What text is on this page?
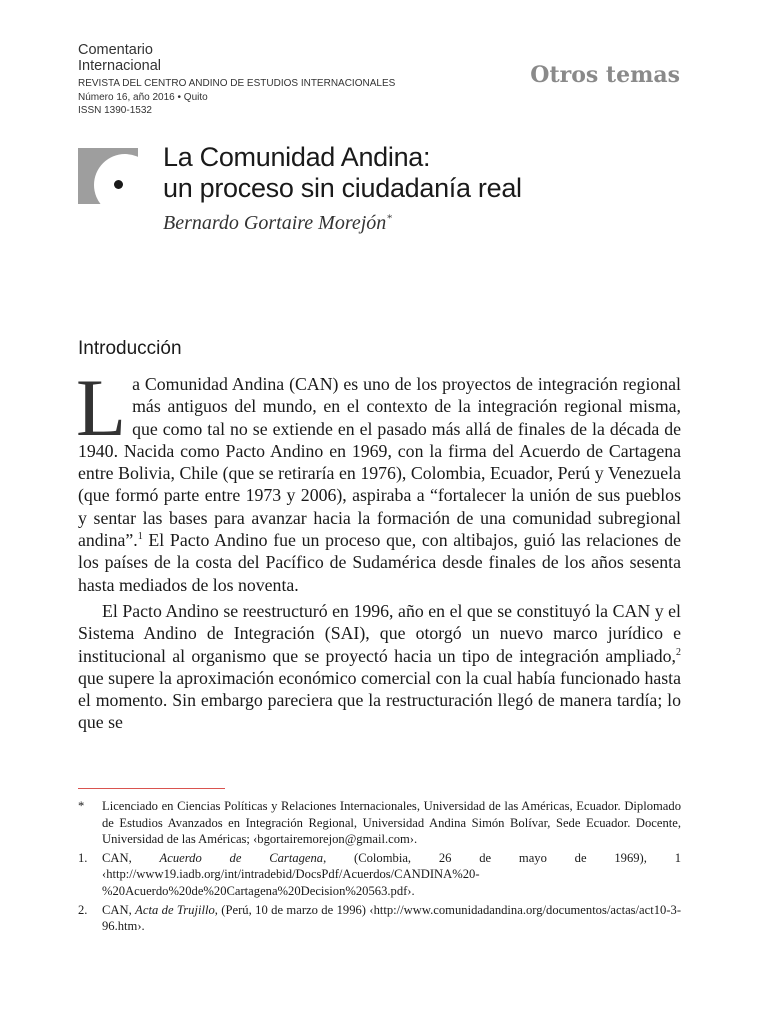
Comentario
Internacional
REVISTA DEL CENTRO ANDINO DE ESTUDIOS INTERNACIONALES
Número 16, año 2016 • Quito
ISSN 1390-1532
Otros temas
La Comunidad Andina:
un proceso sin ciudadanía real
Bernardo Gortaire Morejón*
Introducción

La Comunidad Andina (CAN) es uno de los proyectos de integración regional más antiguos del mundo, en el contexto de la integración regional misma, que como tal no se extiende en el pasado más allá de finales de la década de 1940. Nacida como Pacto Andino en 1969, con la firma del Acuerdo de Cartagena entre Bolivia, Chile (que se retiraría en 1976), Colombia, Ecuador, Perú y Venezuela (que formó parte entre 1973 y 2006), aspiraba a “fortalecer la unión de sus pueblos y sentar las bases para avanzar hacia la formación de una comunidad subregional andina”.$^1$ El Pacto Andino fue un proceso que, con altibajos, guió las relaciones de los países de la costa del Pacífico de Sudamérica desde finales de los años sesenta hasta mediados de los noventa.

El Pacto Andino se reestructuró en 1996, año en el que se constituyó la CAN y el Sistema Andino de Integración (SAI), que otorgó un nuevo marco jurídico e institucional al organismo que se proyectó hacia un tipo de integración ampliado,$^2$ que supere la aproximación económico comercial con la cual había funcionado hasta el momento. Sin embargo pareciera que la restructuración llegó de manera tardía; lo que se

*	Licenciado en Ciencias Políticas y Relaciones Internacionales, Universidad de las Américas, Ecuador. Diplomado de Estudios Avanzados en Integración Regional, Universidad Andina Simón Bolívar, Sede Ecuador. Docente, Universidad de las Américas; ‹bgortairemorejon@gmail.com›.
1.	CAN, Acuerdo de Cartagena, (Colombia, 26 de mayo de 1969), 1 ‹http://www19.iadb.org/int/intradebid/DocsPdf/Acuerdos/CANDINA%20-%20Acuerdo%20de%20Cartagena%20Decision%20563.pdf›.
2.	CAN, Acta de Trujillo, (Perú, 10 de marzo de 1996) ‹http://www.comunidadandina.org/documentos/actas/act10-3-96.htm›.
